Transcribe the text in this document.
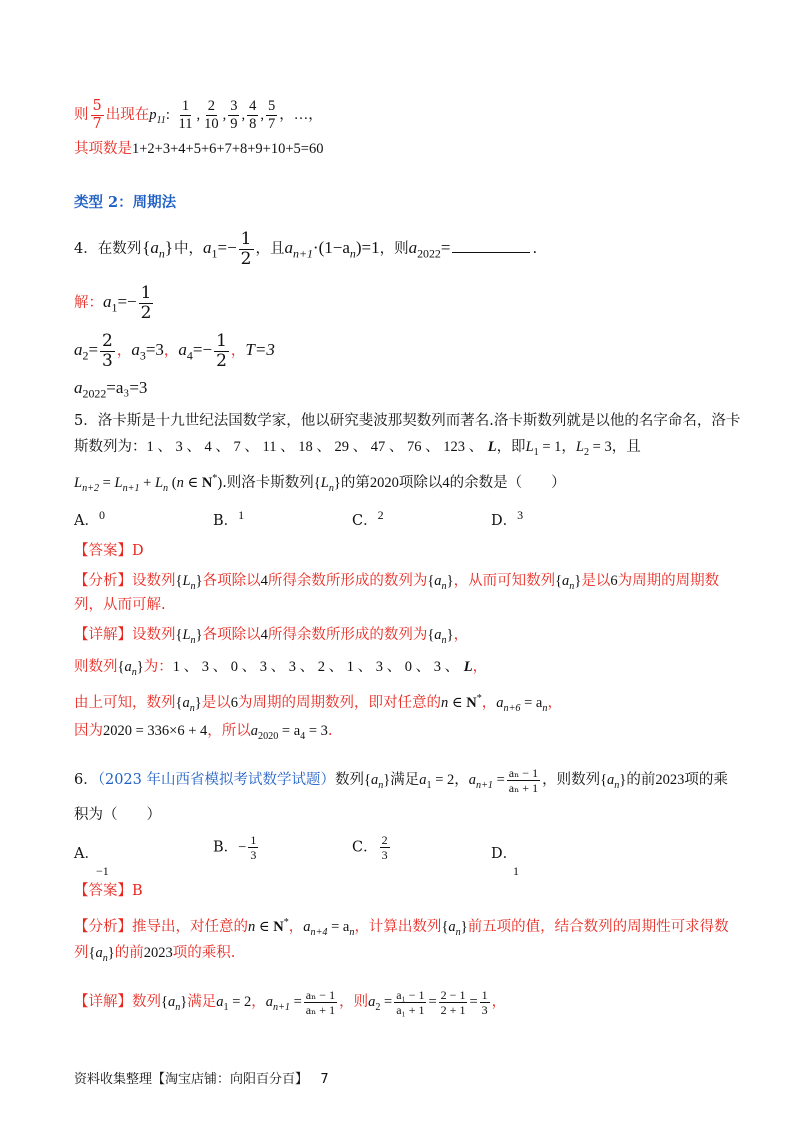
则 $\frac{5}{7}$ 出现在$p_{11}$: $\frac{1}{11}$ , $\frac{2}{10}$ , $\frac{3}{9}$ , $\frac{4}{8}$ , $\frac{5}{7}$ ，…，
其项数是1+2+3+4+5+6+7+8+9+10+5=60
类型 2：周期法
4．在数列$\{a_n\}$中，$a_1=- \frac{1}{2}$ ，且$a_{n+1}\cdot(1-a_n)=1$，则$a_{2022}=$	.
解：$a_1=- \frac{1}{2}$
$a_2= \frac{2}{3}$ ，$a_3=3$，$a_4=- \frac{1}{2}$ ，T=3
$a_{2022}=a_3=3$
5．洛卡斯是十九世纪法国数学家，他以研究斐波那契数列而著名.洛卡斯数列就是以他的名字命名，洛卡
斯数列为：1 、 3 、 4 、 7 、 11 、 18 、 29 、 47 、 76 、 123 、 L，即$L_1 = 1$，$L_2 = 3$，且
$L_{n+2} = L_{n+1} + L_n$ (n ∈ N*).则洛卡斯数列$\{L_n\}$的第2020项除以4的余数是（　　）
A．$^0$	B．$^1$	C．$^2$	D．$^3$
【答案】D
【分析】设数列$\{L_n\}$各项除以4所得余数所形成的数列为$\{a_n\}$，从而可知数列$\{a_n\}$是以6为周期的周期数
列，从而可解.
【详解】设数列$\{L_n\}$各项除以4所得余数所形成的数列为$\{a_n\}$，
则数列$\{a_n\}$为：1 、 3 、 0 、 3 、 3 、 2 、 1 、 3 、 0 、 3 、 L，
由上可知，数列$\{a_n\}$是以6为周期的周期数列，即对任意的n ∈ N*，$a_{n+6} = a_n$，
因为2020 = 336×6 + 4，所以$a_{2020} = a_4 = 3$.
6．（2023 年山西省模拟考试数学试题）数列$\{a_n\}$满足$a_1 = 2$，$a_{n+1} = \frac{\text{aₙ − 1}}{\text{aₙ + 1}}$ ，则数列$\{a_n\}$的前2023项的乘
积为（　　）
A．
−1
B．− $\frac{1}{3}$	C． $\frac{2}{3}$	D．
1
【答案】B
【分析】推导出，对任意的n ∈ N*，$a_{n+4} = a_n$，计算出数列$\{a_n\}$前五项的值，结合数列的周期性可求得数
列$\{a_n\}$的前2023项的乘积.
【详解】数列$\{a_n\}$满足$a_1 = 2$，$a_{n+1} = \frac{\text{aₙ − 1}}{\text{aₙ + 1}}$ ，则$a_2 = \frac{\text{a₁ − 1}}{\text{a₁ + 1}} = \frac{2 - 1}{2 + 1} = \frac{1}{3}$ ，
资料收集整理【淘宝店铺：向阳百分百】 7
